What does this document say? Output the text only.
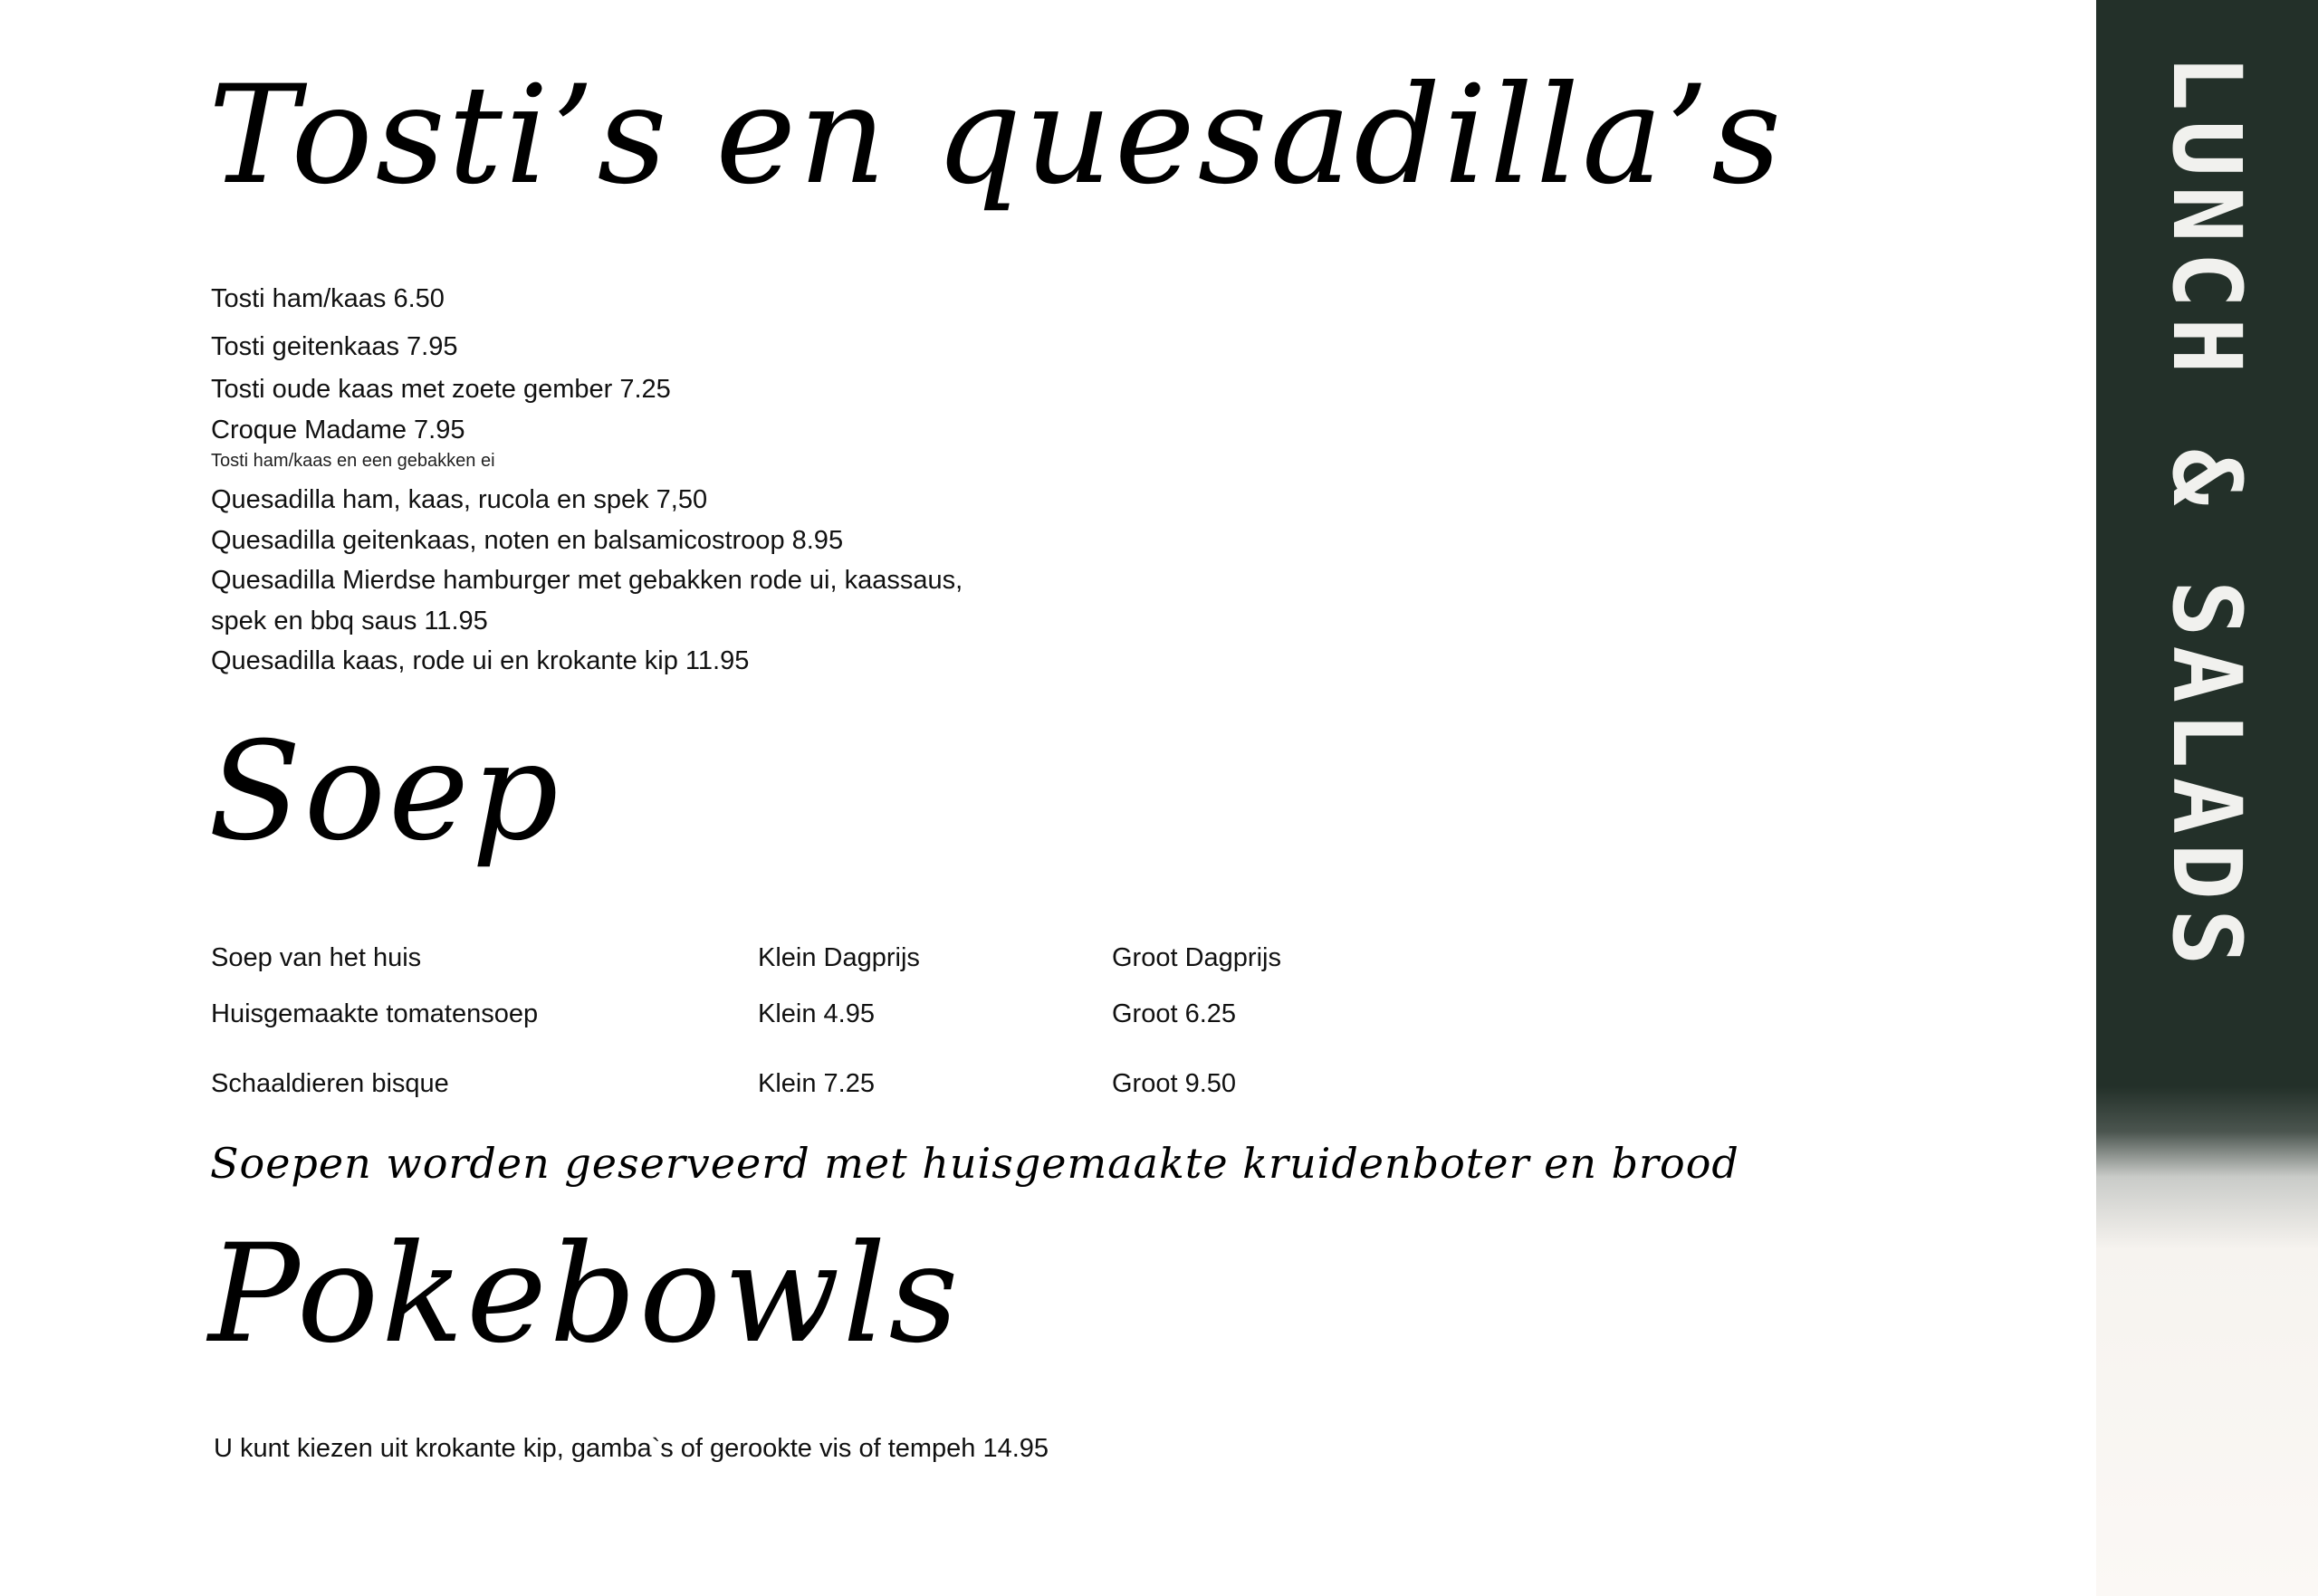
Tosti’s en quesadilla’s
Tosti ham/kaas 6.50
Tosti geitenkaas 7.95
Tosti oude kaas met zoete gember 7.25
Croque Madame 7.95
Tosti ham/kaas en een gebakken ei
Quesadilla ham, kaas, rucola en spek 7,50
Quesadilla geitenkaas, noten en balsamicostroop 8.95
Quesadilla Mierdse hamburger met gebakken rode ui, kaassaus,
spek en bbq saus 11.95
Quesadilla kaas, rode ui en krokante kip 11.95
Soep
Soep van het huis	Klein Dagprijs	Groot Dagprijs
Huisgemaakte tomatensoep	Klein 4.95	Groot 6.25
Schaaldieren bisque	Klein 7.25	Groot 9.50
Soepen worden geserveerd met huisgemaakte kruidenboter en brood
Pokebowls
U kunt kiezen uit krokante kip, gamba`s of gerookte vis of tempeh 14.95
LUNCH & SALADS
